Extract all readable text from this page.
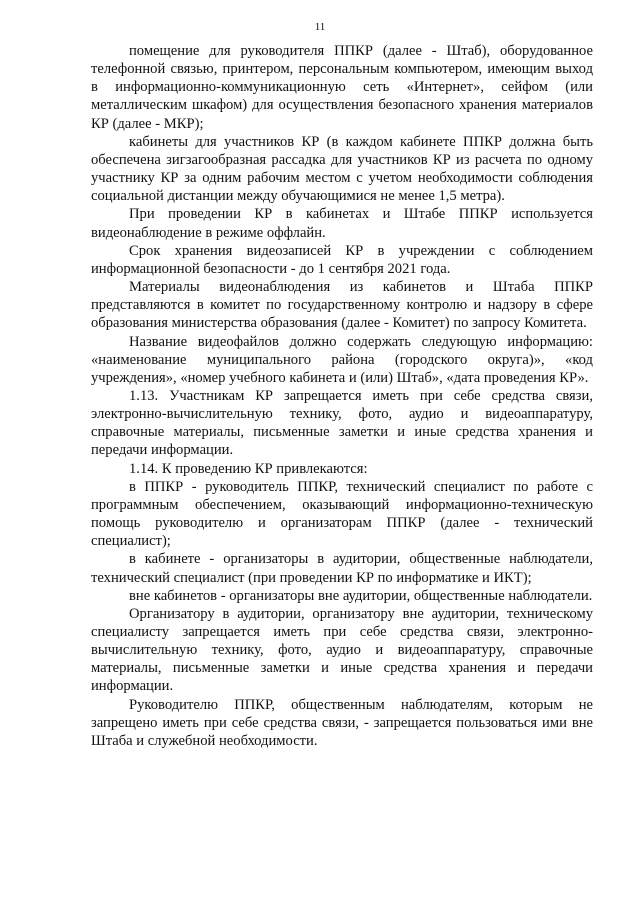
11

помещение для руководителя ППКР (далее - Штаб), оборудованное телефонной связью, принтером, персональным компьютером, имеющим выход в информационно-коммуникационную сеть «Интернет», сейфом (или металлическим шкафом) для осуществления безопасного хранения материалов КР (далее - МКР);

кабинеты для участников КР (в каждом кабинете ППКР должна быть обеспечена зигзагообразная рассадка для участников КР из расчета по одному участнику КР за одним рабочим местом с учетом необходимости соблюдения социальной дистанции между обучающимися не менее 1,5 метра).

При проведении КР в кабинетах и Штабе ППКР используется видеонаблюдение в режиме оффлайн.

Срок хранения видеозаписей КР в учреждении с соблюдением информационной безопасности - до 1 сентября 2021 года.

Материалы видеонаблюдения из кабинетов и Штаба ППКР представляются в комитет по государственному контролю и надзору в сфере образования министерства образования (далее - Комитет) по запросу Комитета.

Название видеофайлов должно содержать следующую информацию: «наименование муниципального района (городского округа)», «код учреждения», «номер учебного кабинета и (или) Штаб», «дата проведения КР».

1.13. Участникам КР запрещается иметь при себе средства связи, электронно-вычислительную технику, фото, аудио и видеоаппаратуру, справочные материалы, письменные заметки и иные средства хранения и передачи информации.

1.14. К проведению КР привлекаются:

в ППКР - руководитель ППКР, технический специалист по работе с программным обеспечением, оказывающий информационно-техническую помощь руководителю и организаторам ППКР (далее - технический специалист);

в кабинете - организаторы в аудитории, общественные наблюдатели, технический специалист (при проведении КР по информатике и ИКТ);

вне кабинетов - организаторы вне аудитории, общественные наблюдатели.

Организатору в аудитории, организатору вне аудитории, техническому специалисту запрещается иметь при себе средства связи, электронно-вычислительную технику, фото, аудио и видеоаппаратуру, справочные материалы, письменные заметки и иные средства хранения и передачи информации.

Руководителю ППКР, общественным наблюдателям, которым не запрещено иметь при себе средства связи, - запрещается пользоваться ими вне Штаба и служебной необходимости.
